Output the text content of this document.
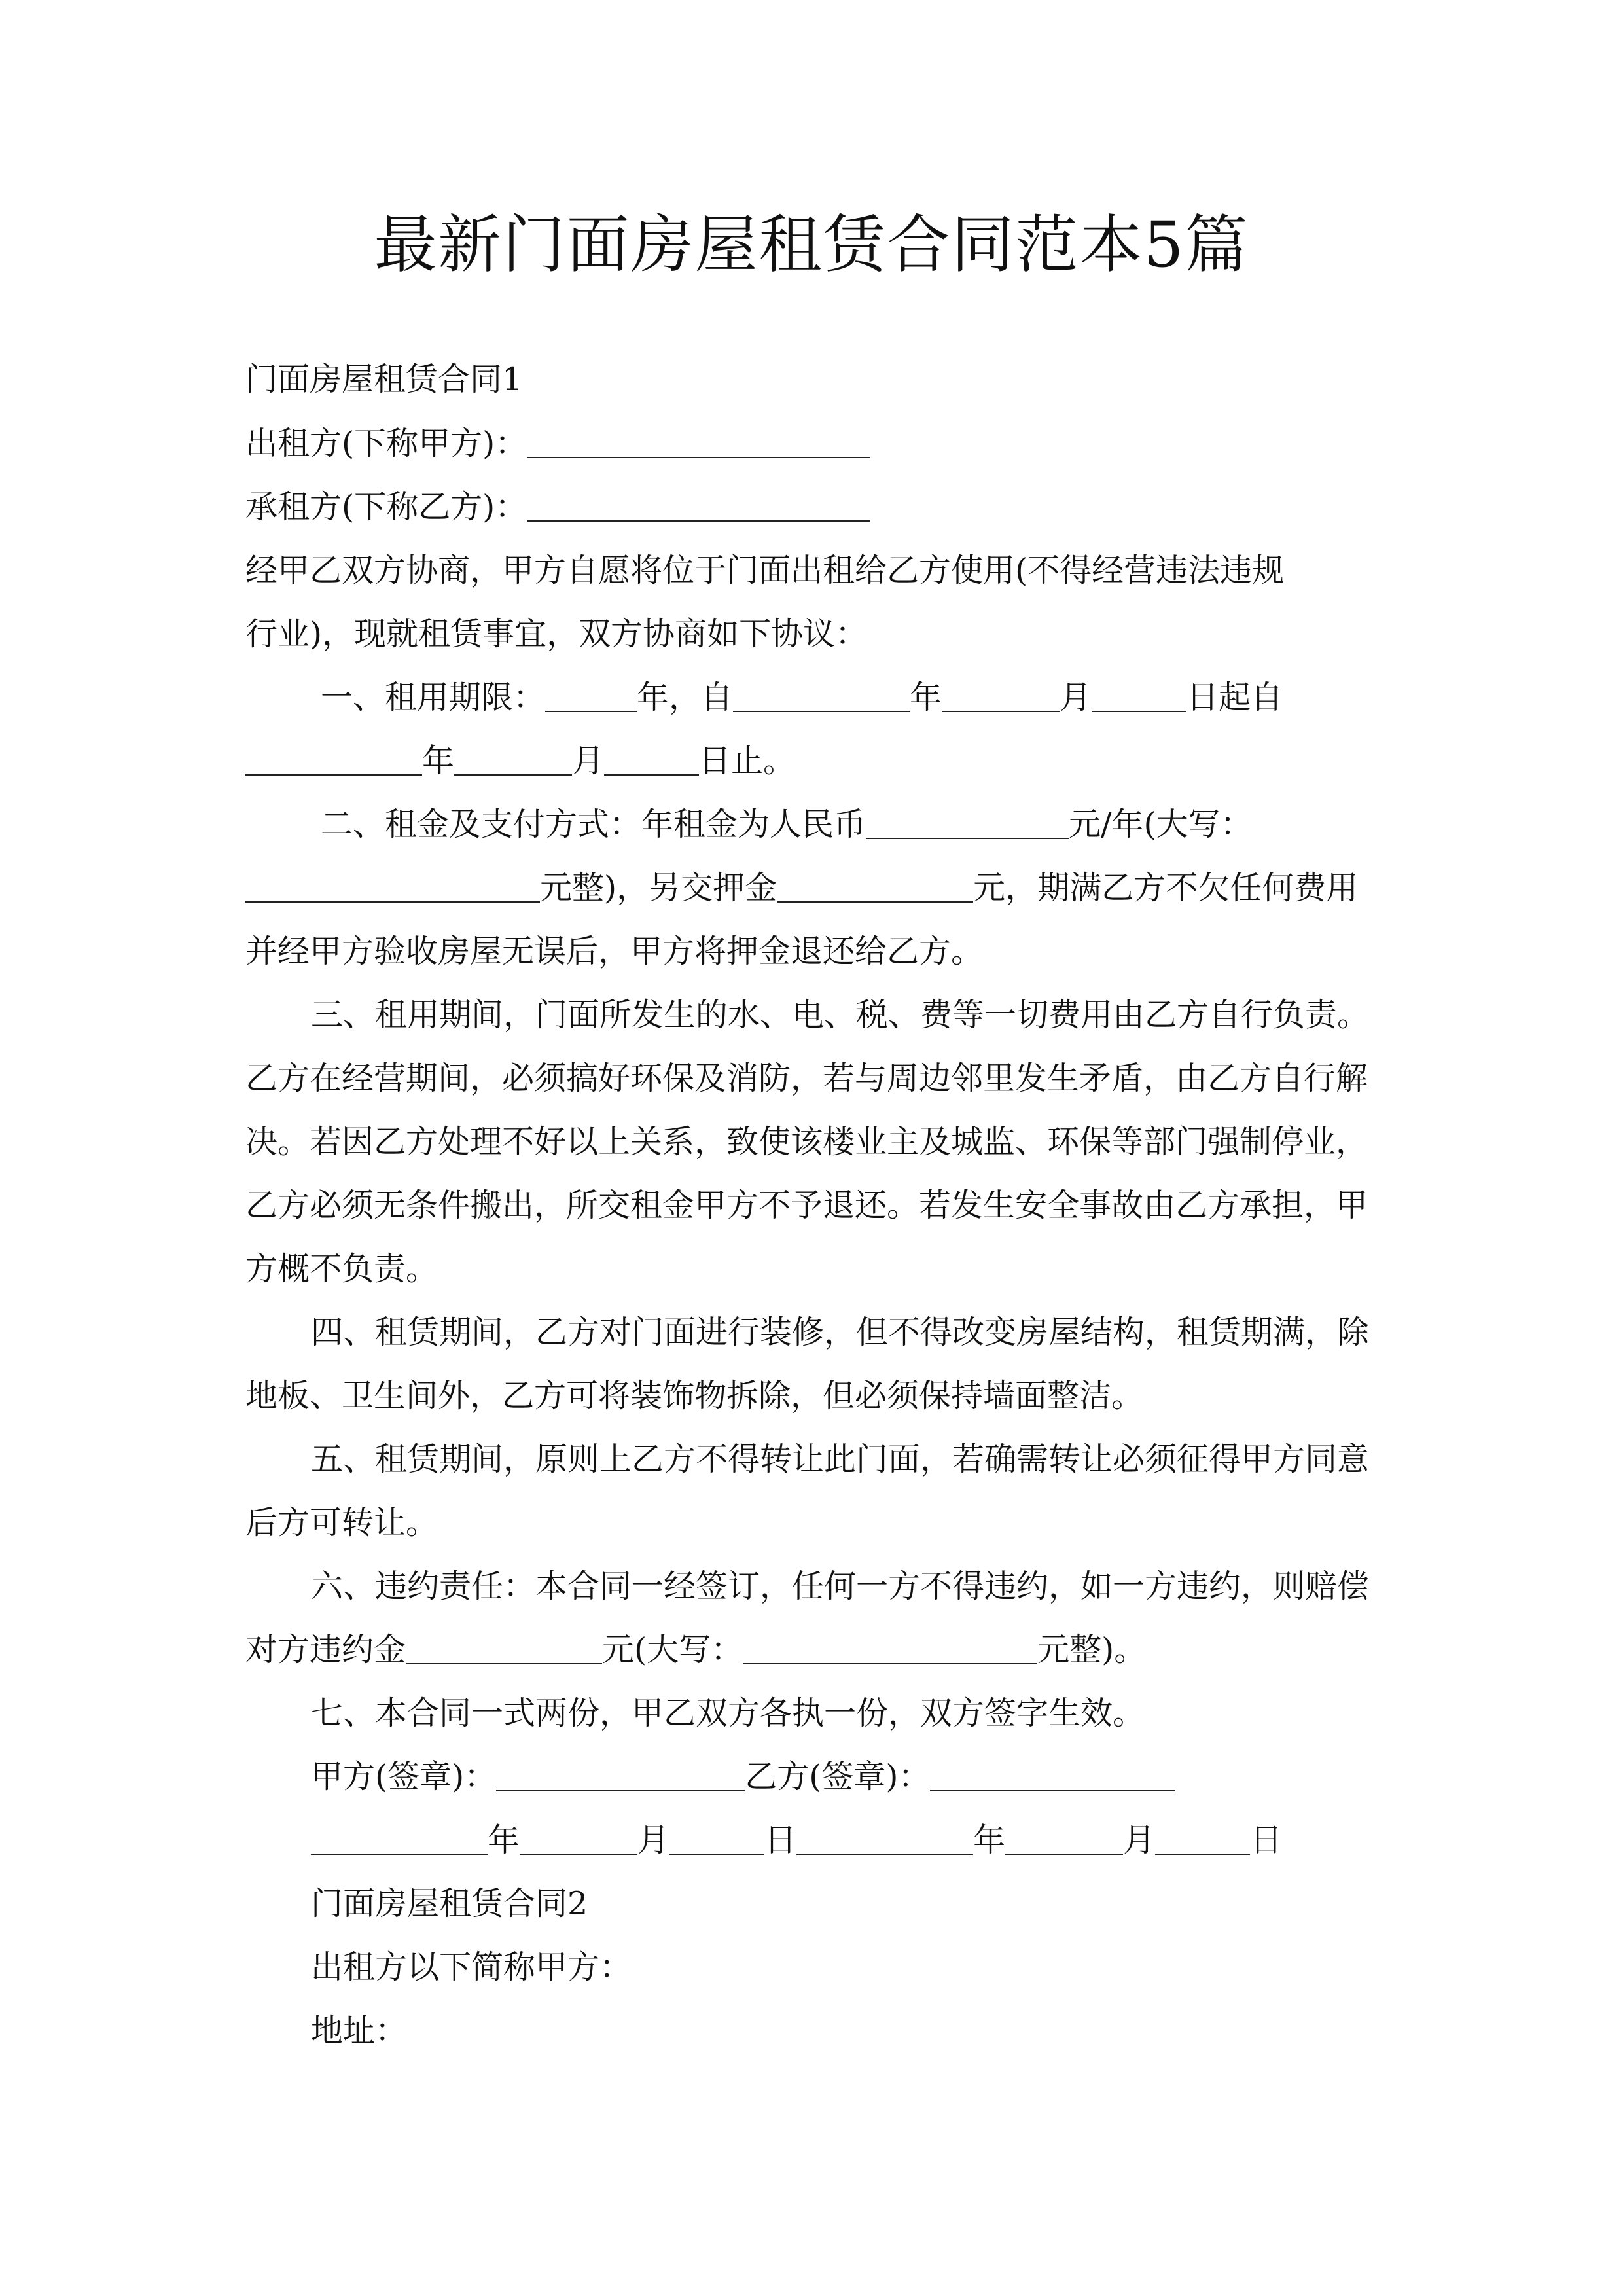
最新门面房屋租赁合同范本5篇
门面房屋租赁合同1
出租方(下称甲方)：
承租方(下称乙方)：
经甲乙双方协商，甲方自愿将位于门面出租给乙方使用(不得经营违法违规
行业)，现就租赁事宜，双方协商如下协议：
一、租用期限：	年，自	年	月	日起自
年	月	日止。
二、租金及支付方式：年租金为人民币	元/年(大写：
元整)，另交押金	元，期满乙方不欠任何费用
并经甲方验收房屋无误后，甲方将押金退还给乙方。
三、租用期间，门面所发生的水、电、税、费等一切费用由乙方自行负责。
乙方在经营期间，必须搞好环保及消防，若与周边邻里发生矛盾，由乙方自行解
决。若因乙方处理不好以上关系，致使该楼业主及城监、环保等部门强制停业，
乙方必须无条件搬出，所交租金甲方不予退还。若发生安全事故由乙方承担，甲
方概不负责。
四、租赁期间，乙方对门面进行装修，但不得改变房屋结构，租赁期满，除
地板、卫生间外，乙方可将装饰物拆除，但必须保持墙面整洁。
五、租赁期间，原则上乙方不得转让此门面，若确需转让必须征得甲方同意
后方可转让。
六、违约责任：本合同一经签订，任何一方不得违约，如一方违约，则赔偿
对方违约金	元(大写：	元整)。
七、本合同一式两份，甲乙双方各执一份，双方签字生效。
甲方(签章)：	乙方(签章)：
年	月	日	年	月	日
门面房屋租赁合同2
出租方以下简称甲方：
地址：
